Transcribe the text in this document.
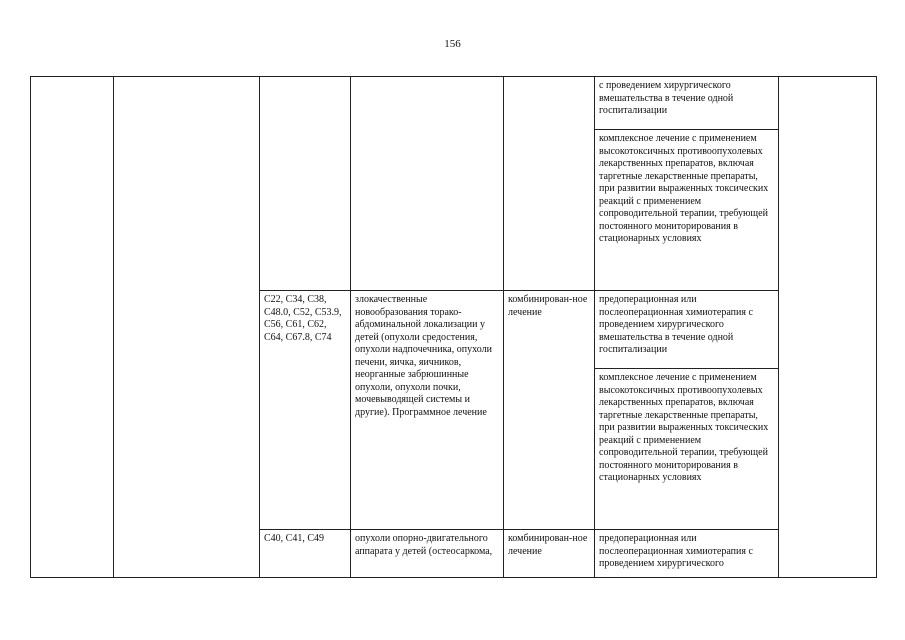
156
					с проведением хирургического вмешательства в течение одной госпитализации	
					комплексное лечение с применением высокотоксичных противоопухолевых лекарственных препаратов, включая таргетные лекарственные препараты, при развитии выраженных токсических реакций с применением сопроводительной терапии, требующей постоянного мониторирования в стационарных условиях	
		C22, C34, C38, C48.0, C52, C53.9, C56, C61, C62, C64, C67.8, C74	злокачественные новообразования торако-абдоминальной локализации у детей (опухоли средостения, опухоли надпочечника, опухоли печени, яичка, яичников, неорганные забрюшинные опухоли, опухоли почки, мочевыводящей системы и другие). Программное лечение	комбинирован-ное лечение	предоперационная или послеоперационная химиотерапия с проведением хирургического вмешательства в течение одной госпитализации	
					комплексное лечение с применением высокотоксичных противоопухолевых лекарственных препаратов, включая таргетные лекарственные препараты, при развитии выраженных токсических реакций с применением сопроводительной терапии, требующей постоянного мониторирования в стационарных условиях	
		C40, C41, C49	опухоли опорно-двигательного аппарата у детей (остеосаркома,	комбинирован-ное лечение	предоперационная или послеоперационная химиотерапия с проведением хирургического	
